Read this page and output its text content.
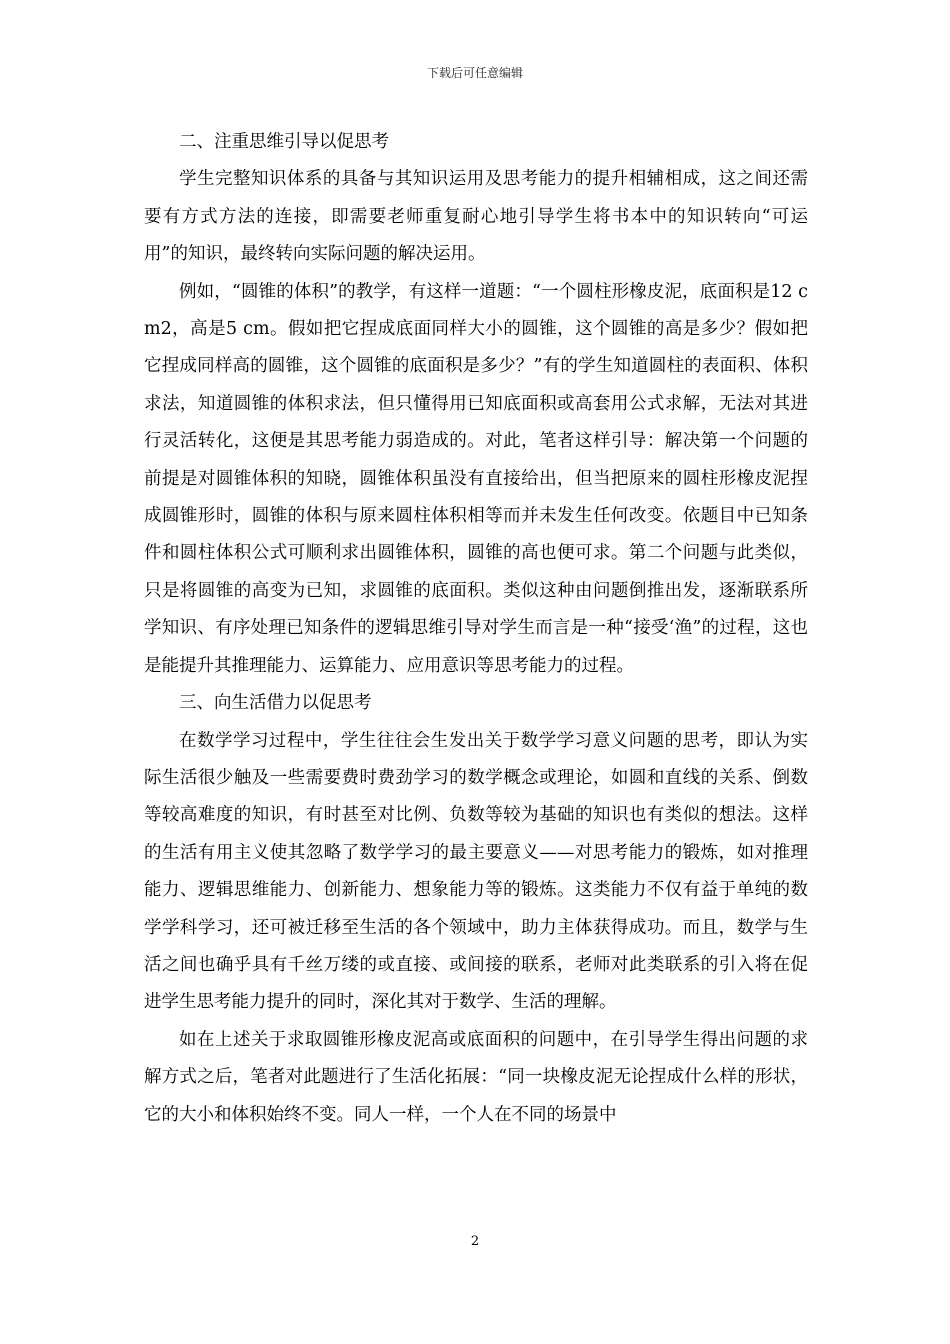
下载后可任意编辑

二、注重思维引导以促思考

学生完整知识体系的具备与其知识运用及思考能力的提升相辅相成，这之间还需要有方式方法的连接，即需要老师重复耐心地引导学生将书本中的知识转向“可运用”的知识，最终转向实际问题的解决运用。

例如，“圆锥的体积”的教学，有这样一道题：“一个圆柱形橡皮泥，底面积是12 cm2，高是5 cm。假如把它捏成底面同样大小的圆锥，这个圆锥的高是多少？假如把它捏成同样高的圆锥，这个圆锥的底面积是多少？”有的学生知道圆柱的表面积、体积求法，知道圆锥的体积求法，但只懂得用已知底面积或高套用公式求解，无法对其进行灵活转化，这便是其思考能力弱造成的。对此，笔者这样引导：解决第一个问题的前提是对圆锥体积的知晓，圆锥体积虽没有直接给出，但当把原来的圆柱形橡皮泥捏成圆锥形时，圆锥的体积与原来圆柱体积相等而并未发生任何改变。依题目中已知条件和圆柱体积公式可顺利求出圆锥体积，圆锥的高也便可求。第二个问题与此类似，只是将圆锥的高变为已知，求圆锥的底面积。类似这种由问题倒推出发，逐渐联系所学知识、有序处理已知条件的逻辑思维引导对学生而言是一种“接受‘渔”的过程，这也是能提升其推理能力、运算能力、应用意识等思考能力的过程。

三、向生活借力以促思考

在数学学习过程中，学生往往会生发出关于数学学习意义问题的思考，即认为实际生活很少触及一些需要费时费劲学习的数学概念或理论，如圆和直线的关系、倒数等较高难度的知识，有时甚至对比例、负数等较为基础的知识也有类似的想法。这样的生活有用主义使其忽略了数学学习的最主要意义——对思考能力的锻炼，如对推理能力、逻辑思维能力、创新能力、想象能力等的锻炼。这类能力不仅有益于单纯的数学学科学习，还可被迁移至生活的各个领域中，助力主体获得成功。而且，数学与生活之间也确乎具有千丝万缕的或直接、或间接的联系，老师对此类联系的引入将在促进学生思考能力提升的同时，深化其对于数学、生活的理解。

如在上述关于求取圆锥形橡皮泥高或底面积的问题中，在引导学生得出问题的求解方式之后，笔者对此题进行了生活化拓展：“同一块橡皮泥无论捏成什么样的形状，它的大小和体积始终不变。同人一样，一个人在不同的场景中

2
